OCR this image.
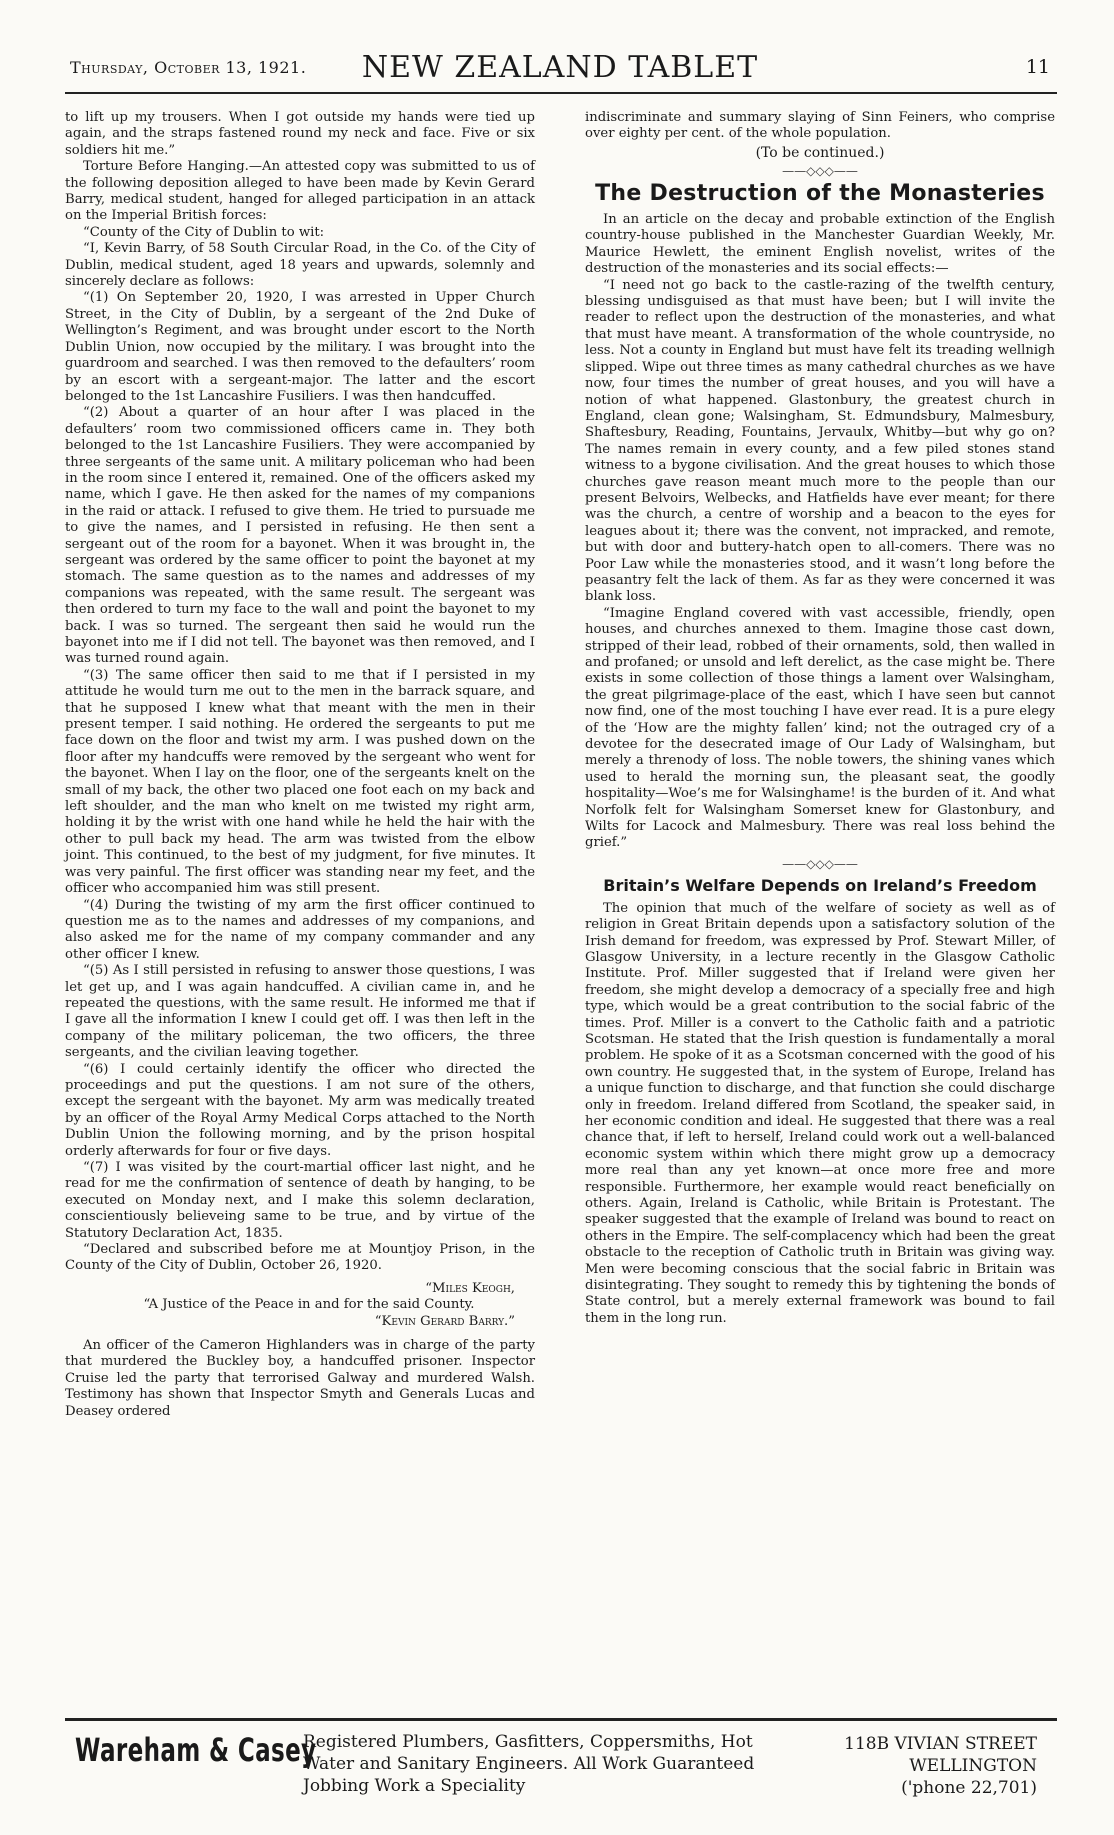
Thursday, October 13, 1921.	NEW ZEALAND TABLET	11

to lift up my trousers. When I got outside my hands were tied up again, and the straps fastened round my neck and face. Five or six soldiers hit me.”

Torture Before Hanging.—An attested copy was submitted to us of the following deposition alleged to have been made by Kevin Gerard Barry, medical student, hanged for alleged participation in an attack on the Imperial British forces:

“County of the City of Dublin to wit:

“I, Kevin Barry, of 58 South Circular Road, in the Co. of the City of Dublin, medical student, aged 18 years and upwards, solemnly and sincerely declare as follows:

“(1) On September 20, 1920, I was arrested in Upper Church Street, in the City of Dublin, by a sergeant of the 2nd Duke of Wellington’s Regiment, and was brought under escort to the North Dublin Union, now occupied by the military. I was brought into the guardroom and searched. I was then removed to the defaulters’ room by an escort with a sergeant-major. The latter and the escort belonged to the 1st Lancashire Fusiliers. I was then handcuffed.

“(2) About a quarter of an hour after I was placed in the defaulters’ room two commissioned officers came in. They both belonged to the 1st Lancashire Fusiliers. They were accompanied by three sergeants of the same unit. A military policeman who had been in the room since I entered it, remained. One of the officers asked my name, which I gave. He then asked for the names of my companions in the raid or attack. I refused to give them. He tried to pursuade me to give the names, and I persisted in refusing. He then sent a sergeant out of the room for a bayonet. When it was brought in, the sergeant was ordered by the same officer to point the bayonet at my stomach. The same question as to the names and addresses of my companions was repeated, with the same result. The sergeant was then ordered to turn my face to the wall and point the bayonet to my back. I was so turned. The sergeant then said he would run the bayonet into me if I did not tell. The bayonet was then removed, and I was turned round again.

“(3) The same officer then said to me that if I persisted in my attitude he would turn me out to the men in the barrack square, and that he supposed I knew what that meant with the men in their present temper. I said nothing. He ordered the sergeants to put me face down on the floor and twist my arm. I was pushed down on the floor after my handcuffs were removed by the sergeant who went for the bayonet. When I lay on the floor, one of the sergeants knelt on the small of my back, the other two placed one foot each on my back and left shoulder, and the man who knelt on me twisted my right arm, holding it by the wrist with one hand while he held the hair with the other to pull back my head. The arm was twisted from the elbow joint. This continued, to the best of my judgment, for five minutes. It was very painful. The first officer was standing near my feet, and the officer who accompanied him was still present.

“(4) During the twisting of my arm the first officer continued to question me as to the names and addresses of my companions, and also asked me for the name of my company commander and any other officer I knew.

“(5) As I still persisted in refusing to answer those questions, I was let get up, and I was again handcuffed. A civilian came in, and he repeated the questions, with the same result. He informed me that if I gave all the information I knew I could get off. I was then left in the company of the military policeman, the two officers, the three sergeants, and the civilian leaving together.

“(6) I could certainly identify the officer who directed the proceedings and put the questions. I am not sure of the others, except the sergeant with the bayonet. My arm was medically treated by an officer of the Royal Army Medical Corps attached to the North Dublin Union the following morning, and by the prison hospital orderly afterwards for four or five days.

“(7) I was visited by the court-martial officer last night, and he read for me the confirmation of sentence of death by hanging, to be executed on Monday next, and I make this solemn declaration, conscientiously believeing same to be true, and by virtue of the Statutory Declaration Act, 1835.

“Declared and subscribed before me at Mountjoy Prison, in the County of the City of Dublin, October 26, 1920.

“Miles Keogh,

“A Justice of the Peace in and for the said County.

“Kevin Gerard Barry.”

An officer of the Cameron Highlanders was in charge of the party that murdered the Buckley boy, a handcuffed prisoner. Inspector Cruise led the party that terrorised Galway and murdered Walsh. Testimony has shown that Inspector Smyth and Generals Lucas and Deasey ordered

indiscriminate and summary slaying of Sinn Feiners, who comprise over eighty per cent. of the whole population.

(To be continued.)
——◇◇◇——
The Destruction of the Monasteries

In an article on the decay and probable extinction of the English country-house published in the Manchester Guardian Weekly, Mr. Maurice Hewlett, the eminent English novelist, writes of the destruction of the monasteries and its social effects:—

“I need not go back to the castle-razing of the twelfth century, blessing undisguised as that must have been; but I will invite the reader to reflect upon the destruction of the monasteries, and what that must have meant. A transformation of the whole countryside, no less. Not a county in England but must have felt its treading wellnigh slipped. Wipe out three times as many cathedral churches as we have now, four times the number of great houses, and you will have a notion of what happened. Glastonbury, the greatest church in England, clean gone; Walsingham, St. Edmundsbury, Malmesbury, Shaftesbury, Reading, Fountains, Jervaulx, Whitby—but why go on? The names remain in every county, and a few piled stones stand witness to a bygone civilisation. And the great houses to which those churches gave reason meant much more to the people than our present Belvoirs, Welbecks, and Hatfields have ever meant; for there was the church, a centre of worship and a beacon to the eyes for leagues about it; there was the convent, not impracked, and remote, but with door and buttery-hatch open to all-comers. There was no Poor Law while the monasteries stood, and it wasn’t long before the peasantry felt the lack of them. As far as they were concerned it was blank loss.

“Imagine England covered with vast accessible, friendly, open houses, and churches annexed to them. Imagine those cast down, stripped of their lead, robbed of their ornaments, sold, then walled in and profaned; or unsold and left derelict, as the case might be. There exists in some collection of those things a lament over Walsingham, the great pilgrimage-place of the east, which I have seen but cannot now find, one of the most touching I have ever read. It is a pure elegy of the ‘How are the mighty fallen’ kind; not the outraged cry of a devotee for the desecrated image of Our Lady of Walsingham, but merely a threnody of loss. The noble towers, the shining vanes which used to herald the morning sun, the pleasant seat, the goodly hospitality—Woe’s me for Walsinghame! is the burden of it. And what Norfolk felt for Walsingham Somerset knew for Glastonbury, and Wilts for Lacock and Malmesbury. There was real loss behind the grief.”

——◇◇◇——
Britain’s Welfare Depends on Ireland’s Freedom

The opinion that much of the welfare of society as well as of religion in Great Britain depends upon a satisfactory solution of the Irish demand for freedom, was expressed by Prof. Stewart Miller, of Glasgow University, in a lecture recently in the Glasgow Catholic Institute. Prof. Miller suggested that if Ireland were given her freedom, she might develop a democracy of a specially free and high type, which would be a great contribution to the social fabric of the times. Prof. Miller is a convert to the Catholic faith and a patriotic Scotsman. He stated that the Irish question is fundamentally a moral problem. He spoke of it as a Scotsman concerned with the good of his own country. He suggested that, in the system of Europe, Ireland has a unique function to discharge, and that function she could discharge only in freedom. Ireland differed from Scotland, the speaker said, in her economic condition and ideal. He suggested that there was a real chance that, if left to herself, Ireland could work out a well-balanced economic system within which there might grow up a democracy more real than any yet known—at once more free and more responsible. Furthermore, her example would react beneficially on others. Again, Ireland is Catholic, while Britain is Protestant. The speaker suggested that the example of Ireland was bound to react on others in the Empire. The self-complacency which had been the great obstacle to the reception of Catholic truth in Britain was giving way. Men were becoming conscious that the social fabric in Britain was disintegrating. They sought to remedy this by tightening the bonds of State control, but a merely external framework was bound to fail them in the long run.

Wareham & Casey
Registered Plumbers, Gasfitters, Coppersmiths, Hot
Water and Sanitary Engineers. All Work Guaranteed
Jobbing Work a Speciality
118B VIVIAN STREET
WELLINGTON
('phone 22,701)
